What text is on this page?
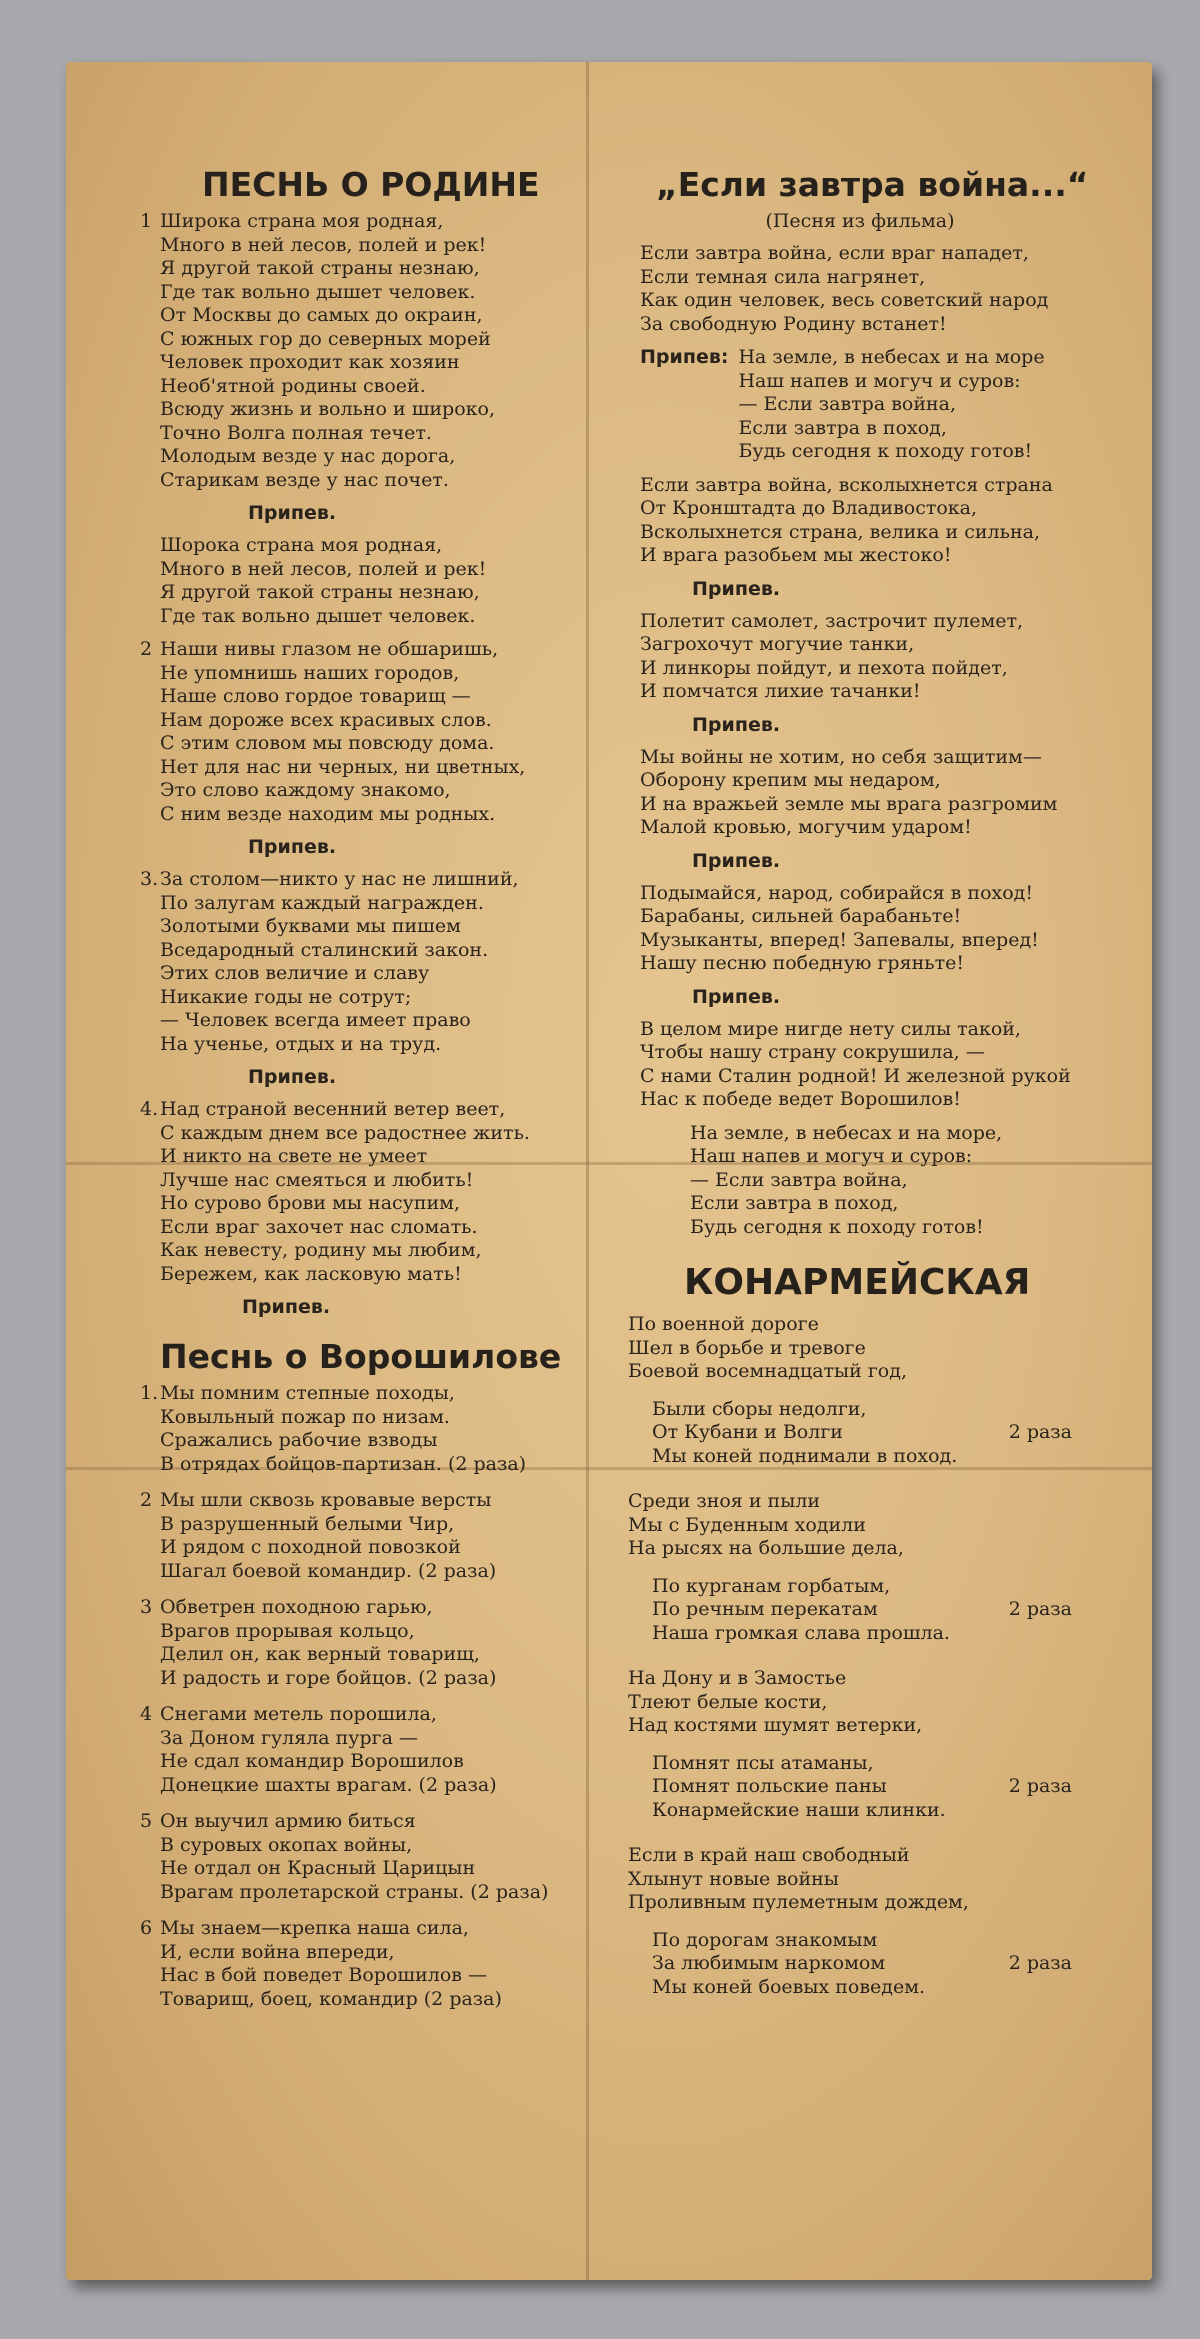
ПЕСНЬ О РОДИНЕ
1 Широка страна моя родная,
Много в ней лесов, полей и рек!
Я другой такой страны незнаю,
Где так вольно дышет человек.
От Москвы до самых до окраин,
С южных гор до северных морей
Человек проходит как хозяин
Необ'ятной родины своей.
Всюду жизнь и вольно и широко,
Точно Волга полная течет.
Молодым везде у нас дорога,
Старикам везде у нас почет.
Припев.
Шорока страна моя родная,
Много в ней лесов, полей и рек!
Я другой такой страны незнаю,
Где так вольно дышет человек.
2 Наши нивы глазом не обшаришь,
Не упомнишь наших городов,
Наше слово гордое товарищ —
Нам дороже всех красивых слов.
С этим словом мы повсюду дома.
Нет для нас ни черных, ни цветных,
Это слово каждому знакомо,
С ним везде находим мы родных.
Припев.
3. За столом—никто у нас не лишний,
По залугам каждый награжден.
Золотыми буквами мы пишем
Вседародный сталинский закон.
Этих слов величие и славу
Никакие годы не сотрут;
— Человек всегда имеет право
На ученье, отдых и на труд.
Припев.
4. Над страной весенний ветер веет,
С каждым днем все радостнее жить.
И никто на свете не умеет
Лучше нас смеяться и любить!
Но сурово брови мы насупим,
Если враг захочет нас сломать.
Как невесту, родину мы любим,
Бережем, как ласковую мать!
Припев.
„Если завтра война...“
(Песня из фильма)
Если завтра война, если враг нападет,
Если темная сила нагрянет,
Как один человек, весь советский народ
За свободную Родину встанет!
Припев: На земле, в небесах и на море
Наш напев и могуч и суров:
— Если завтра война,
Если завтра в поход,
Будь сегодня к походу готов!
Если завтра война, всколыхнется страна
От Кронштадта до Владивостока,
Всколыхнется страна, велика и сильна,
И врага разобьем мы жестоко!
Припев.
Полетит самолет, застрочит пулемет,
Загрохочут могучие танки,
И линкоры пойдут, и пехота пойдет,
И помчатся лихие тачанки!
Припев.
Мы войны не хотим, но себя защитим—
Оборону крепим мы недаром,
И на вражьей земле мы врага разгромим
Малой кровью, могучим ударом!
Припев.
Подымайся, народ, собирайся в поход!
Барабаны, сильней барабаньте!
Музыканты, вперед! Запевалы, вперед!
Нашу песню победную гряньте!
Припев.
В целом мире нигде нету силы такой,
Чтобы нашу страну сокрушила, —
С нами Сталин родной! И железной рукой
Нас к победе ведет Ворошилов!
На земле, в небесах и на море,
Наш напев и могуч и суров:
— Если завтра война,
Если завтра в поход,
Будь сегодня к походу готов!
Песнь о Ворошилове
1. Мы помним степные походы,
Ковыльный пожар по низам.
Сражались рабочие взводы
В отрядах бойцов-партизан. (2 раза)
2 Мы шли сквозь кровавые версты
В разрушенный белыми Чир,
И рядом с походной повозкой
Шагал боевой командир. (2 раза)
3 Обветрен походною гарью,
Врагов прорывая кольцо,
Делил он, как верный товарищ,
И радость и горе бойцов. (2 раза)
4 Снегами метель порошила,
За Доном гуляла пурга —
Не сдал командир Ворошилов
Донецкие шахты врагам. (2 раза)
5 Он выучил армию биться
В суровых окопах войны,
Не отдал он Красный Царицын
Врагам пролетарской страны. (2 раза)
6 Мы знаем—крепка наша сила,
И, если война впереди,
Нас в бой поведет Ворошилов —
Товарищ, боец, командир (2 раза)
КОНАРМЕЙСКАЯ
По военной дороге
Шел в борьбе и тревоге
Боевой восемнадцатый год,
Были сборы недолги,
От Кубани и Волги	2 раза
Мы коней поднимали в поход.
Среди зноя и пыли
Мы с Буденным ходили
На рысях на большие дела,
По курганам горбатым,
По речным перекатам	2 раза
Наша громкая слава прошла.
На Дону и в Замостье
Тлеют белые кости,
Над костями шумят ветерки,
Помнят псы атаманы,
Помнят польские паны	2 раза
Конармейские наши клинки.
Если в край наш свободный
Хлынут новые войны
Проливным пулеметным дождем,
По дорогам знакомым
За любимым наркомом	2 раза
Мы коней боевых поведем.
